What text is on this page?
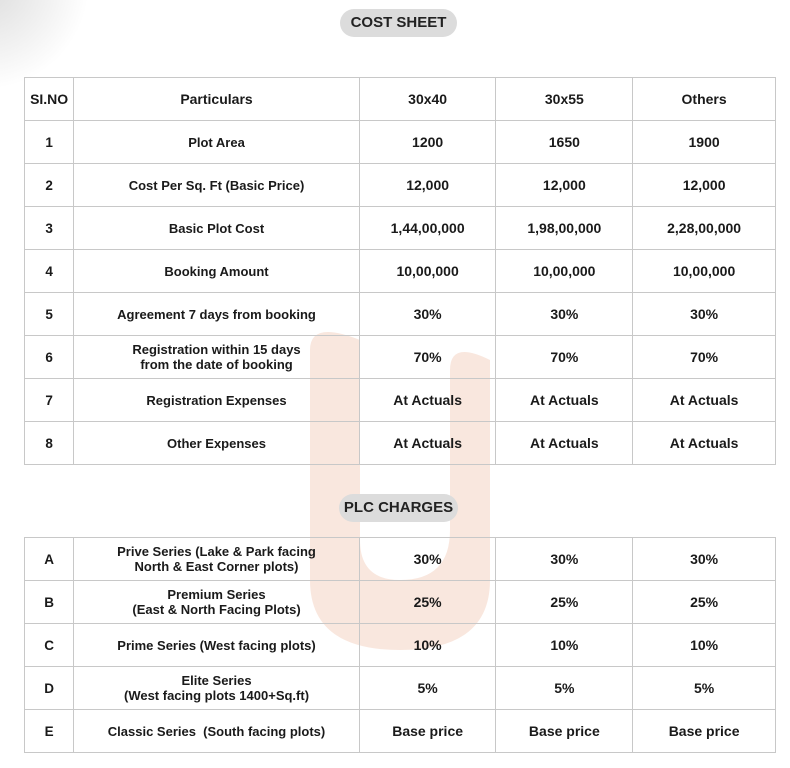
COST SHEET
SI.NO	Particulars	30x40	30x55	Others
1	Plot Area	1200	1650	1900
2	Cost Per Sq. Ft (Basic Price)	12,000	12,000	12,000
3	Basic Plot Cost	1,44,00,000	1,98,00,000	2,28,00,000
4	Booking Amount	10,00,000	10,00,000	10,00,000
5	Agreement 7 days from booking	30%	30%	30%
6	Registration within 15 days
from the date of booking	70%	70%	70%
7	Registration Expenses	At Actuals	At Actuals	At Actuals
8	Other Expenses	At Actuals	At Actuals	At Actuals
PLC CHARGES
A	Prive Series (Lake & Park facing
North & East Corner plots)	30%	30%	30%
B	Premium Series
(East & North Facing Plots)	25%	25%	25%
C	Prime Series (West facing plots)	10%	10%	10%
D	Elite Series
(West facing plots 1400+Sq.ft)	5%	5%	5%
E	Classic Series  (South facing plots)	Base price	Base price	Base price
